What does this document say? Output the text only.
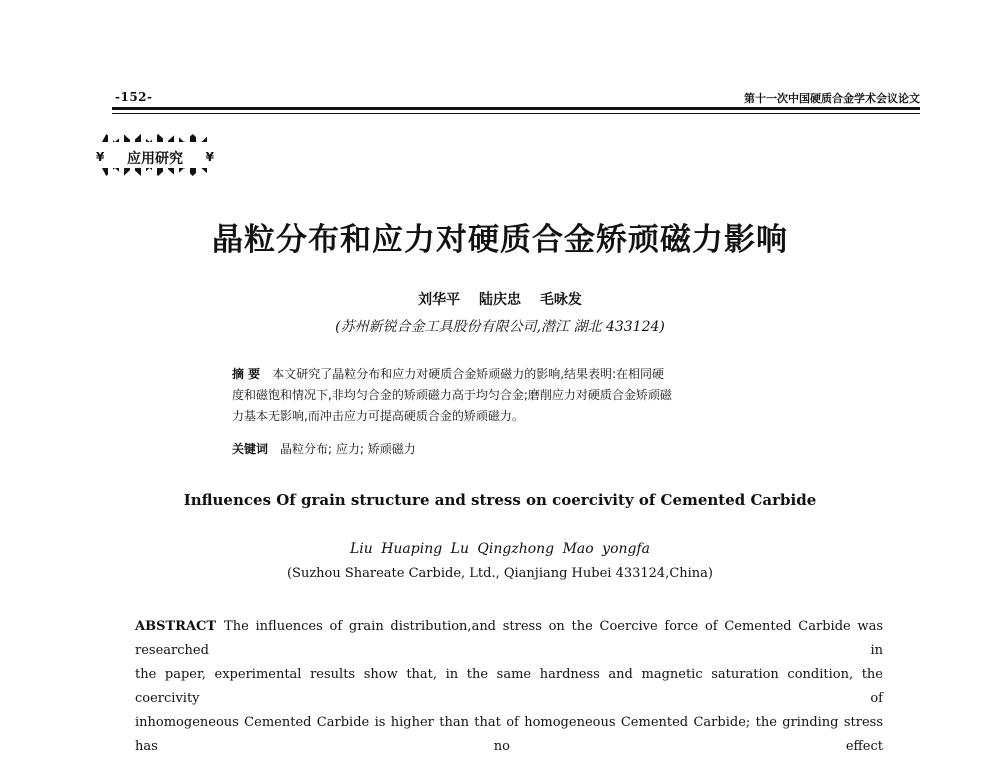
-152-	第十一次中国硬质合金学术会议论文
¥	应用研究	¥
晶粒分布和应力对硬质合金矫顽磁力影响
刘华平 陆庆忠 毛咏发
(苏州新锐合金工具股份有限公司,潜江 湖北 433124)
摘 要 本文研究了晶粒分布和应力对硬质合金矫顽磁力的影响,结果表明:在相同硬
度和磁饱和情况下,非均匀合金的矫顽磁力高于均匀合金;磨削应力对硬质合金矫顽磁
力基本无影响,而冲击应力可提高硬质合金的矫顽磁力。
关键词 晶粒分布; 应力; 矫顽磁力
Influences Of grain structure and stress on coercivity of Cemented Carbide
Liu Huaping Lu Qingzhong Mao yongfa
(Suzhou Shareate Carbide, Ltd., Qianjiang Hubei 433124,China)
ABSTRACT The influences of grain distribution,and stress on the Coercive force of Cemented Carbide was researched in
the paper, experimental results show that, in the same hardness and magnetic saturation condition, the coercivity of
inhomogeneous Cemented Carbide is higher than that of homogeneous Cemented Carbide; the grinding stress has no effect
